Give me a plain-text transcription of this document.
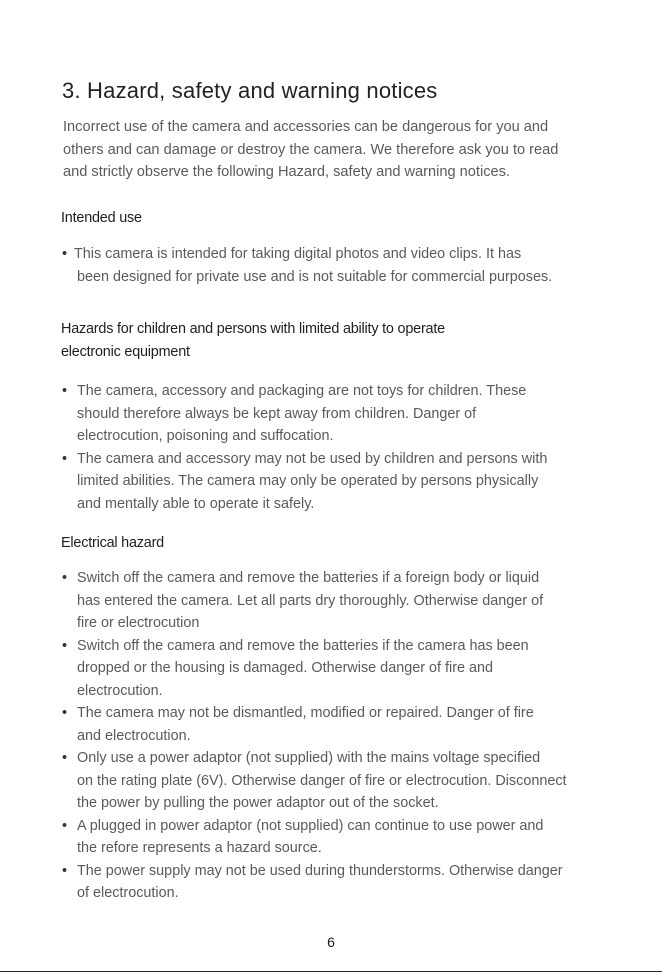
3. Hazard, safety and warning notices
Incorrect use of the camera and accessories can be dangerous for you and
others and can damage or destroy the camera. We therefore ask you to read
and strictly observe the following Hazard, safety and warning notices.
Intended use
• This camera is intended for taking digital photos and video clips. It has
been designed for private use and is not suitable for commercial purposes.
Hazards for children and persons with limited ability to operate
electronic equipment
• The camera, accessory and packaging are not toys for children. These
should therefore always be kept away from children. Danger of
electrocution, poisoning and suffocation.
• The camera and accessory may not be used by children and persons with
limited abilities. The camera may only be operated by persons physically
and mentally able to operate it safely.
Electrical hazard
• Switch off the camera and remove the batteries if a foreign body or liquid
has entered the camera. Let all parts dry thoroughly. Otherwise danger of
fire or electrocution
• Switch off the camera and remove the batteries if the camera has been
dropped or the housing is damaged. Otherwise danger of fire and
electrocution.
• The camera may not be dismantled, modified or repaired. Danger of fire
and electrocution.
• Only use a power adaptor (not supplied) with the mains voltage specified
on the rating plate (6V). Otherwise danger of fire or electrocution. Disconnect
the power by pulling the power adaptor out of the socket.
• A plugged in power adaptor (not supplied) can continue to use power and
the refore represents a hazard source.
• The power supply may not be used during thunderstorms. Otherwise danger
of electrocution.
6
